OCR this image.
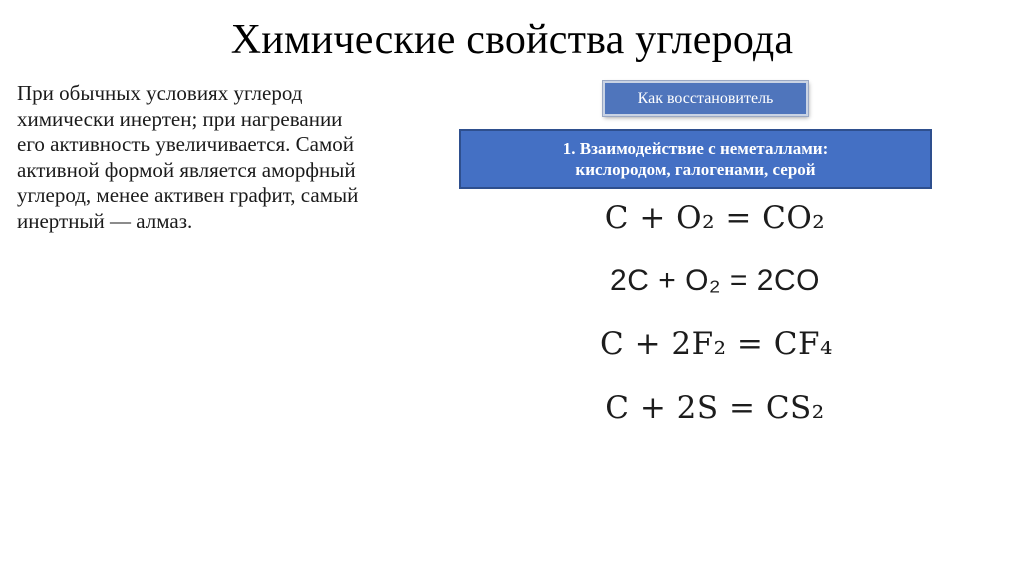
Химические свойства углерода
При обычных условиях углерод
химически инертен; при нагревании
его активность увеличивается. Самой
активной формой является аморфный
углерод, менее активен графит, самый
инертный — алмаз.
Как восстановитель
1. Взаимодействие с неметаллами:
кислородом, галогенами, серой
C + O₂ = CO₂
2C + O₂ = 2CO
C + 2F₂ = CF₄
C + 2S = CS₂
